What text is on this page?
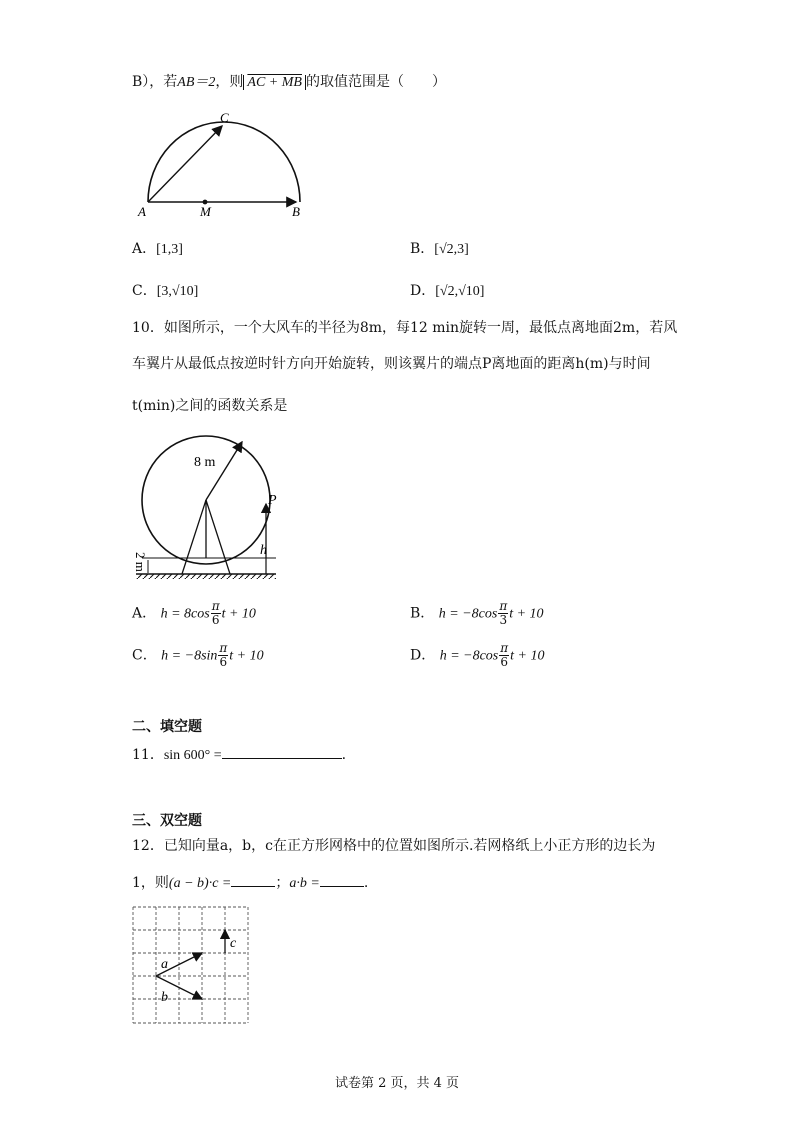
B），若AB＝2，则 AC + MB 的取值范围是（　　）
A	M	B
C
A．[1,3]	B．[√2,3]
C．[3,√10]	D．[√2,√10]
10．如图所示，一个大风车的半径为8m，每12 min旋转一周，最低点离地面2m，若风
车翼片从最低点按逆时针方向开始旋转，则该翼片的端点P离地面的距离h(m)与时间
t(min)之间的函数关系是
8 m
P
h
2 m
A． $h = 8\cos \frac{\pi}{6}$ t + 10	B． $h = -8\cos \frac{\pi}{3}$ t + 10
C． $h = -8\sin \frac{\pi}{6}$ t + 10	D． $h = -8\cos \frac{\pi}{6}$ t + 10
二、填空题
11．sin 600° =	.
三、双空题
12．已知向量a，b，c在正方形网格中的位置如图所示.若网格纸上小正方形的边长为
1，则(a − b)·c =	；a·b =	.
a
b
c
试卷第 2 页，共 4 页
